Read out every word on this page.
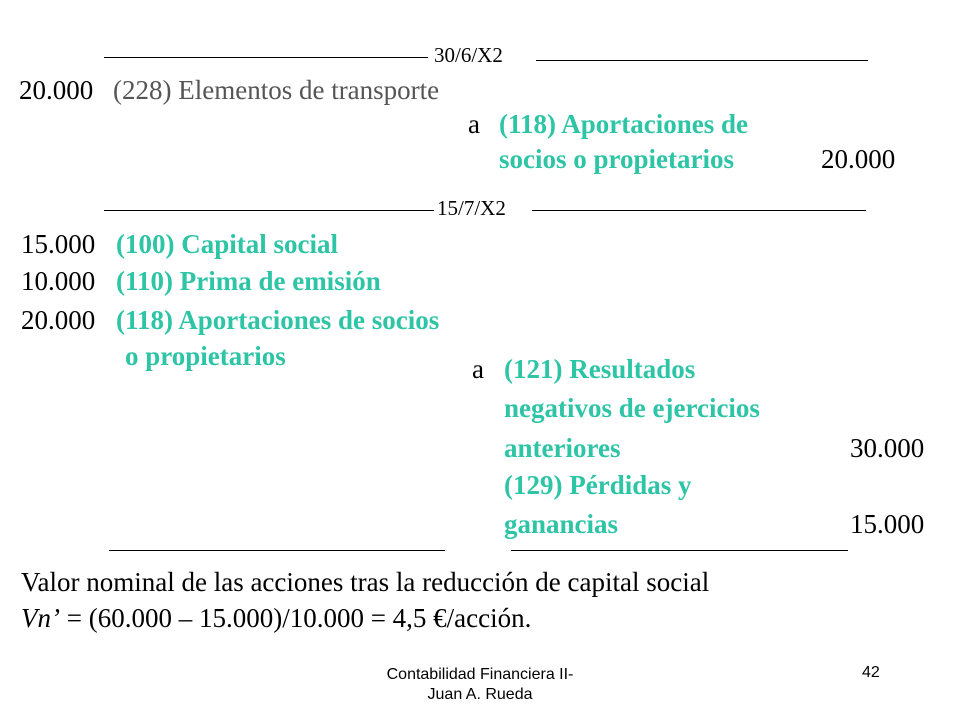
30/6/X2
20.000 (228) Elementos de transporte
a (118) Aportaciones de
socios o propietarios	20.000
15/7/X2
15.000 (100) Capital social
10.000 (110) Prima de emisión
20.000 (118) Aportaciones de socios
o propietarios	a (121) Resultados
negativos de ejercicios
anteriores	30.000
(129) Pérdidas y
ganancias	15.000
Valor nominal de las acciones tras la reducción de capital social
Vn’ = (60.000 – 15.000)/10.000 = 4,5 €/acción.
Contabilidad Financiera II-
Juan A. Rueda
42
